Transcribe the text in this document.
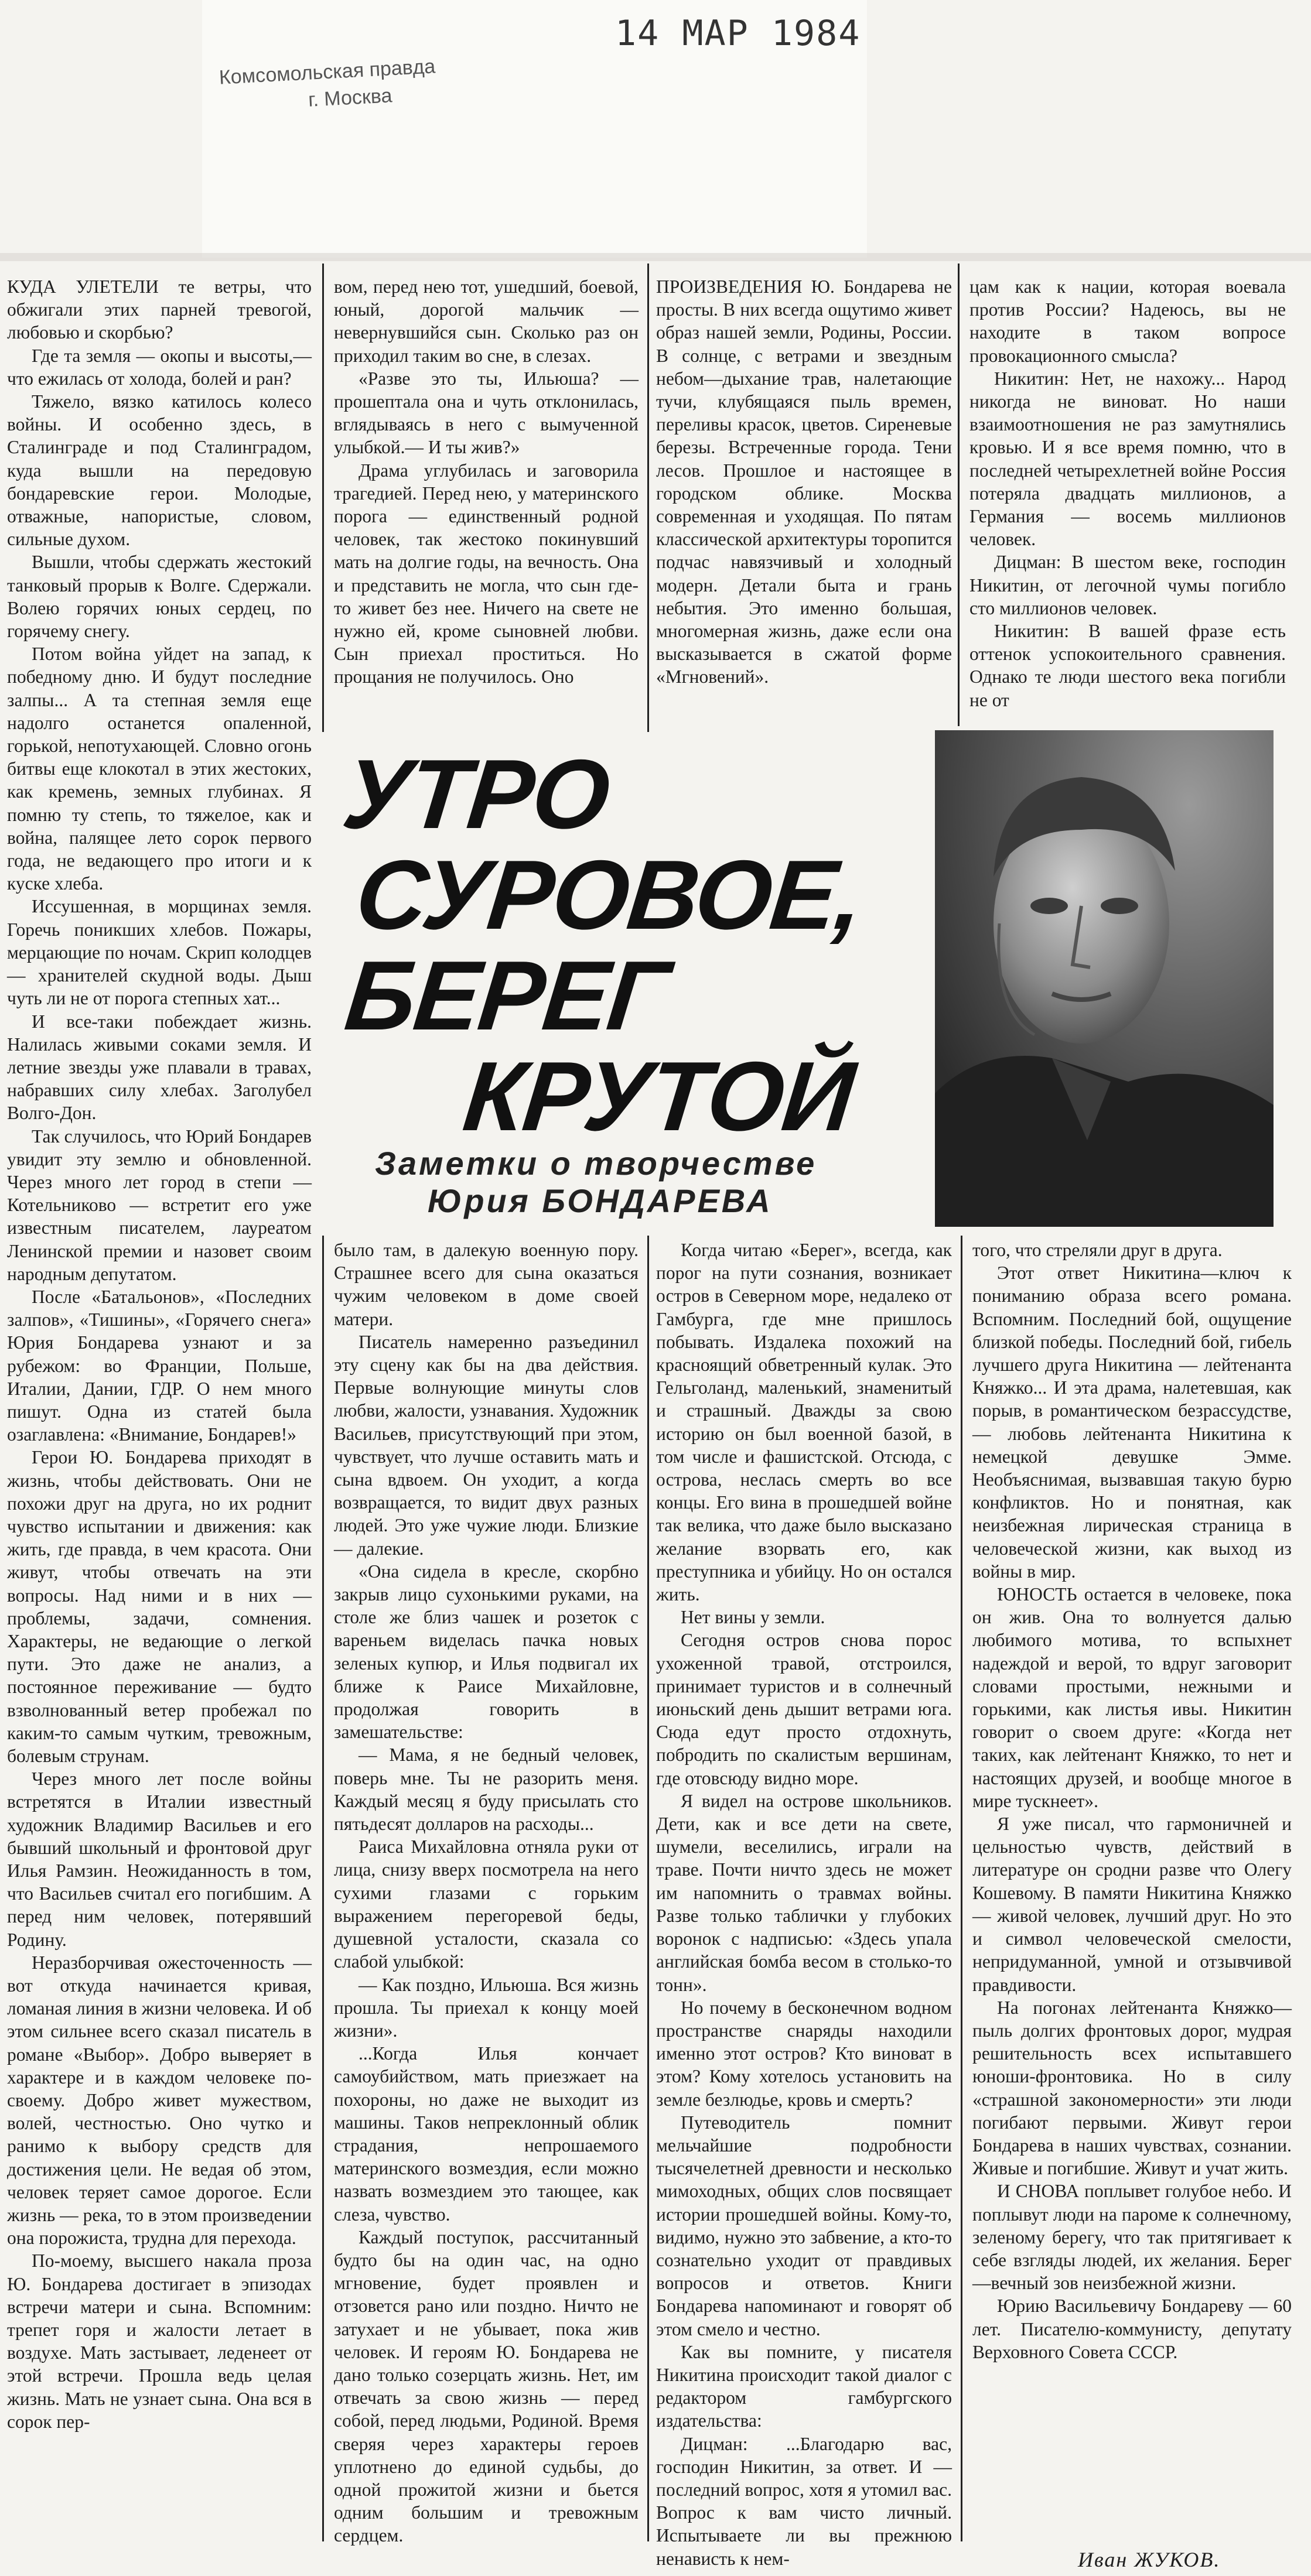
Комсомольская правда
г. Москва
14 МАР 1984

КУДА УЛЕТЕЛИ те ветры, что обжигали этих парней тревогой, любовью и скорбью?

Где та земля — окопы и высоты,— что ежилась от холода, болей и ран?

Тяжело, вязко катилось колесо войны. И особенно здесь, в Сталинграде и под Сталинградом, куда вышли на передовую бондаревские герои. Молодые, отважные, напористые, словом, сильные духом.

Вышли, чтобы сдержать жестокий танковый прорыв к Волге. Сдержали. Волею горячих юных сердец, по горячему снегу.

Потом война уйдет на запад, к победному дню. И будут последние залпы... А та степная земля еще надолго останется опаленной, горькой, непотухающей. Словно огонь битвы еще клокотал в этих жестоких, как кремень, земных глубинах. Я помню ту степь, то тяжелое, как и война, палящее лето сорок первого года, не ведающего про итоги и к куске хлеба.

Иссушенная, в морщинах земля. Горечь поникших хлебов. Пожары, мерцающие по ночам. Скрип колодцев — хранителей скудной воды. Дыш чуть ли не от порога степных хат...

И все-таки побеждает жизнь. Налилась живыми соками земля. И летние звезды уже плавали в травах, набравших силу хлебах. Заголубел Волго-Дон.

Так случилось, что Юрий Бондарев увидит эту землю и обновленной. Через много лет город в степи — Котельниково — встретит его уже известным писателем, лауреатом Ленинской премии и назовет своим народным депутатом.

После «Батальонов», «Последних залпов», «Тишины», «Горячего снега» Юрия Бондарева узнают и за рубежом: во Франции, Польше, Италии, Дании, ГДР. О нем много пишут. Одна из статей была озаглавлена: «Внимание, Бондарев!»

Герои Ю. Бондарева приходят в жизнь, чтобы действовать. Они не похожи друг на друга, но их роднит чувство испытании и движения: как жить, где правда, в чем красота. Они живут, чтобы отвечать на эти вопросы. Над ними и в них — проблемы, задачи, сомнения. Характеры, не ведающие о легкой пути. Это даже не анализ, а постоянное переживание — будто взволнованный ветер пробежал по каким-то самым чутким, тревожным, болевым струнам.

Через много лет после войны встретятся в Италии известный художник Владимир Васильев и его бывший школьный и фронтовой друг Илья Рамзин. Неожиданность в том, что Васильев считал его погибшим. А перед ним человек, потерявший Родину.

Неразборчивая ожесточенность — вот откуда начинается кривая, ломаная линия в жизни человека. И об этом сильнее всего сказал писатель в романе «Выбор». Добро выверяет в характере и в каждом человеке по-своему. Добро живет мужеством, волей, честностью. Оно чутко и ранимо к выбору средств для достижения цели. Не ведая об этом, человек теряет самое дорогое. Если жизнь — река, то в этом произведении она порожиста, трудна для перехода.

По-моему, высшего накала проза Ю. Бондарева достигает в эпизодах встречи матери и сына. Вспомним: трепет горя и жалости летает в воздухе. Мать застывает, леденеет от этой встречи. Прошла ведь целая жизнь. Мать не узнает сына. Она вся в сорок пер-

вом, перед нею тот, ушедший, боевой, юный, дорогой мальчик — невернувшийся сын. Сколько раз он приходил таким во сне, в слезах.

«Разве это ты, Ильюша? — прошептала она и чуть отклонилась, вглядываясь в него с вымученной улыбкой.— И ты жив?»

Драма углубилась и заговорила трагедией. Перед нею, у материнского порога — единственный родной человек, так жестоко покинувший мать на долгие годы, на вечность. Она и представить не могла, что сын где-то живет без нее. Ничего на свете не нужно ей, кроме сыновней любви. Сын приехал проститься. Но прощания не получилось. Оно

ПРОИЗВЕДЕНИЯ Ю. Бондарева не просты. В них всегда ощутимо живет образ нашей земли, Родины, России. В солнце, с ветрами и звездным небом—дыхание трав, налетающие тучи, клубящаяся пыль времен, переливы красок, цветов. Сиреневые березы. Встреченные города. Тени лесов. Прошлое и настоящее в городском облике. Москва современная и уходящая. По пятам классической архитектуры торопится подчас навязчивый и холодный модерн. Детали быта и грань небытия. Это именно большая, многомерная жизнь, даже если она высказывается в сжатой форме «Мгновений».

цам как к нации, которая воевала против России? Надеюсь, вы не находите в таком вопросе провокационного смысла?

Никитин: Нет, не нахожу... Народ никогда не виноват. Но наши взаимоотношения не раз замутнялись кровью. И я все время помню, что в последней четырехлетней войне Россия потеряла двадцать миллионов, а Германия — восемь миллионов человек.

Дицман: В шестом веке, господин Никитин, от легочной чумы погибло сто миллионов человек.

Никитин: В вашей фразе есть оттенок успокоительного сравнения. Однако те люди шестого века погибли не от

УТРО
СУРОВОЕ,
БЕРЕГ
КРУТОЙ
Заметки о творчестве
Юрия БОНДАРЕВА

было там, в далекую военную пору. Страшнее всего для сына оказаться чужим человеком в доме своей матери.

Писатель намеренно разъединил эту сцену как бы на два действия. Первые волнующие минуты слов любви, жалости, узнавания. Художник Васильев, присутствующий при этом, чувствует, что лучше оставить мать и сына вдвоем. Он уходит, а когда возвращается, то видит двух разных людей. Это уже чужие люди. Близкие — далекие.

«Она сидела в кресле, скорбно закрыв лицо сухонькими руками, на столе же близ чашек и розеток с вареньем виделась пачка новых зеленых купюр, и Илья подвигал их ближе к Раисе Михайловне, продолжая говорить в замешательстве:

— Мама, я не бедный человек, поверь мне. Ты не разорить меня. Каждый месяц я буду присылать сто пятьдесят долларов на расходы...

Раиса Михайловна отняла руки от лица, снизу вверх посмотрела на него сухими глазами с горьким выражением перегоревой беды, душевной усталости, сказала со слабой улыбкой:

— Как поздно, Ильюша. Вся жизнь прошла. Ты приехал к концу моей жизни».

...Когда Илья кончает самоубийством, мать приезжает на похороны, но даже не выходит из машины. Таков непреклонный облик страдания, непрошаемого материнского возмездия, если можно назвать возмездием это тающее, как слеза, чувство.

Каждый поступок, рассчитанный будто бы на один час, на одно мгновение, будет проявлен и отзовется рано или поздно. Ничто не затухает и не убывает, пока жив человек. И героям Ю. Бондарева не дано только созерцать жизнь. Нет, им отвечать за свою жизнь — перед собой, перед людьми, Родиной. Время сверяя через характеры героев уплотнено до единой судьбы, до одной прожитой жизни и бьется одним большим и тревожным сердцем.

Когда читаю «Берег», всегда, как порог на пути сознания, возникает остров в Северном море, недалеко от Гамбурга, где мне пришлось побывать. Издалека похожий на красноящий обветренный кулак. Это Гельголанд, маленький, знаменитый и страшный. Дважды за свою историю он был военной базой, в том числе и фашистской. Отсюда, с острова, неслась смерть во все концы. Его вина в прошедшей войне так велика, что даже было высказано желание взорвать его, как преступника и убийцу. Но он остался жить.

Нет вины у земли.

Сегодня остров снова порос ухоженной травой, отстроился, принимает туристов и в солнечный июньский день дышит ветрами юга. Сюда едут просто отдохнуть, побродить по скалистым вершинам, где отовсюду видно море.

Я видел на острове школьников. Дети, как и все дети на свете, шумели, веселились, играли на траве. Почти ничто здесь не может им напомнить о травмах войны. Разве только таблички у глубоких воронок с надписью: «Здесь упала английская бомба весом в столько-то тонн».

Но почему в бесконечном водном пространстве снаряды находили именно этот остров? Кто виноват в этом? Кому хотелось установить на земле безлюдье, кровь и смерть?

Путеводитель помнит мельчайшие подробности тысячелетней древности и несколько мимоходных, общих слов посвящает истории прошедшей войны. Кому-то, видимо, нужно это забвение, а кто-то сознательно уходит от правдивых вопросов и ответов. Книги Бондарева напоминают и говорят об этом смело и честно.

Как вы помните, у писателя Никитина происходит такой диалог с редактором гамбургского издательства:

Дицман: ...Благодарю вас, господин Никитин, за ответ. И — последний вопрос, хотя я утомил вас. Вопрос к вам чисто личный. Испытываете ли вы прежнюю ненависть к нем-

того, что стреляли друг в друга.

Этот ответ Никитина—ключ к пониманию образа всего романа. Вспомним. Последний бой, ощущение близкой победы. Последний бой, гибель лучшего друга Никитина — лейтенанта Княжко... И эта драма, налетевшая, как порыв, в романтическом безрассудстве, — любовь лейтенанта Никитина к немецкой девушке Эмме. Необъяснимая, вызвавшая такую бурю конфликтов. Но и понятная, как неизбежная лирическая страница в человеческой жизни, как выход из войны в мир.

ЮНОСТЬ остается в человеке, пока он жив. Она то волнуется далью любимого мотива, то вспыхнет надеждой и верой, то вдруг заговорит словами простыми, нежными и горькими, как листья ивы. Никитин говорит о своем друге: «Когда нет таких, как лейтенант Княжко, то нет и настоящих друзей, и вообще многое в мире тускнеет».

Я уже писал, что гармоничней и цельностью чувств, действий в литературе он сродни разве что Олегу Кошевому. В памяти Никитина Княжко — живой человек, лучший друг. Но это и символ человеческой смелости, непридуманной, умной и отзывчивой правдивости.

На погонах лейтенанта Княжко—пыль долгих фронтовых дорог, мудрая решительность всех испытавшего юноши-фронтовика. Но в силу «страшной закономерности» эти люди погибают первыми. Живут герои Бондарева в наших чувствах, сознании. Живые и погибшие. Живут и учат жить.

И СНОВА поплывет голубое небо. И поплывут люди на пароме к солнечному, зеленому берегу, что так притягивает к себе взгляды людей, их желания. Берег—вечный зов неизбежной жизни.

Юрию Васильевичу Бондареву — 60 лет. Писателю-коммунисту, депутату Верховного Совета СССР.

Иван ЖУКОВ.
